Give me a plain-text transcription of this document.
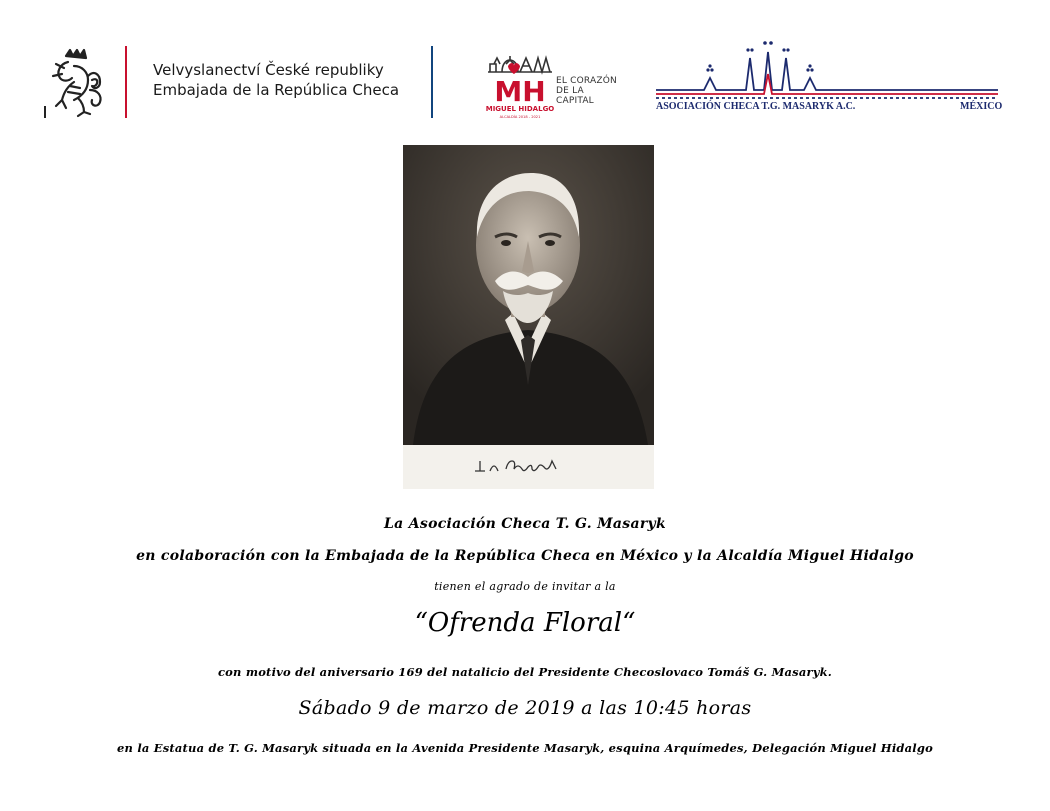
Velvyslanectví České republiky
Embajada de la República Checa	MH
MIGUEL HIDALGO
ALCALDÍA 2018 - 2021
EL CORAZÓN
DE LA
CAPITAL	ASOCIACIÓN CHECA T.G. MASARYK A.C.	MÉXICO
La Asociación Checa T. G. Masaryk
en colaboración con la Embajada de la República Checa en México y la Alcaldía Miguel Hidalgo
tienen el agrado de invitar a la
“Ofrenda Floral“
con motivo del aniversario 169 del natalicio del Presidente Checoslovaco Tomáš G. Masaryk.
Sábado 9 de marzo de 2019 a las 10:45 horas
en la Estatua de T. G. Masaryk situada en la Avenida Presidente Masaryk, esquina Arquímedes, Delegación Miguel Hidalgo
